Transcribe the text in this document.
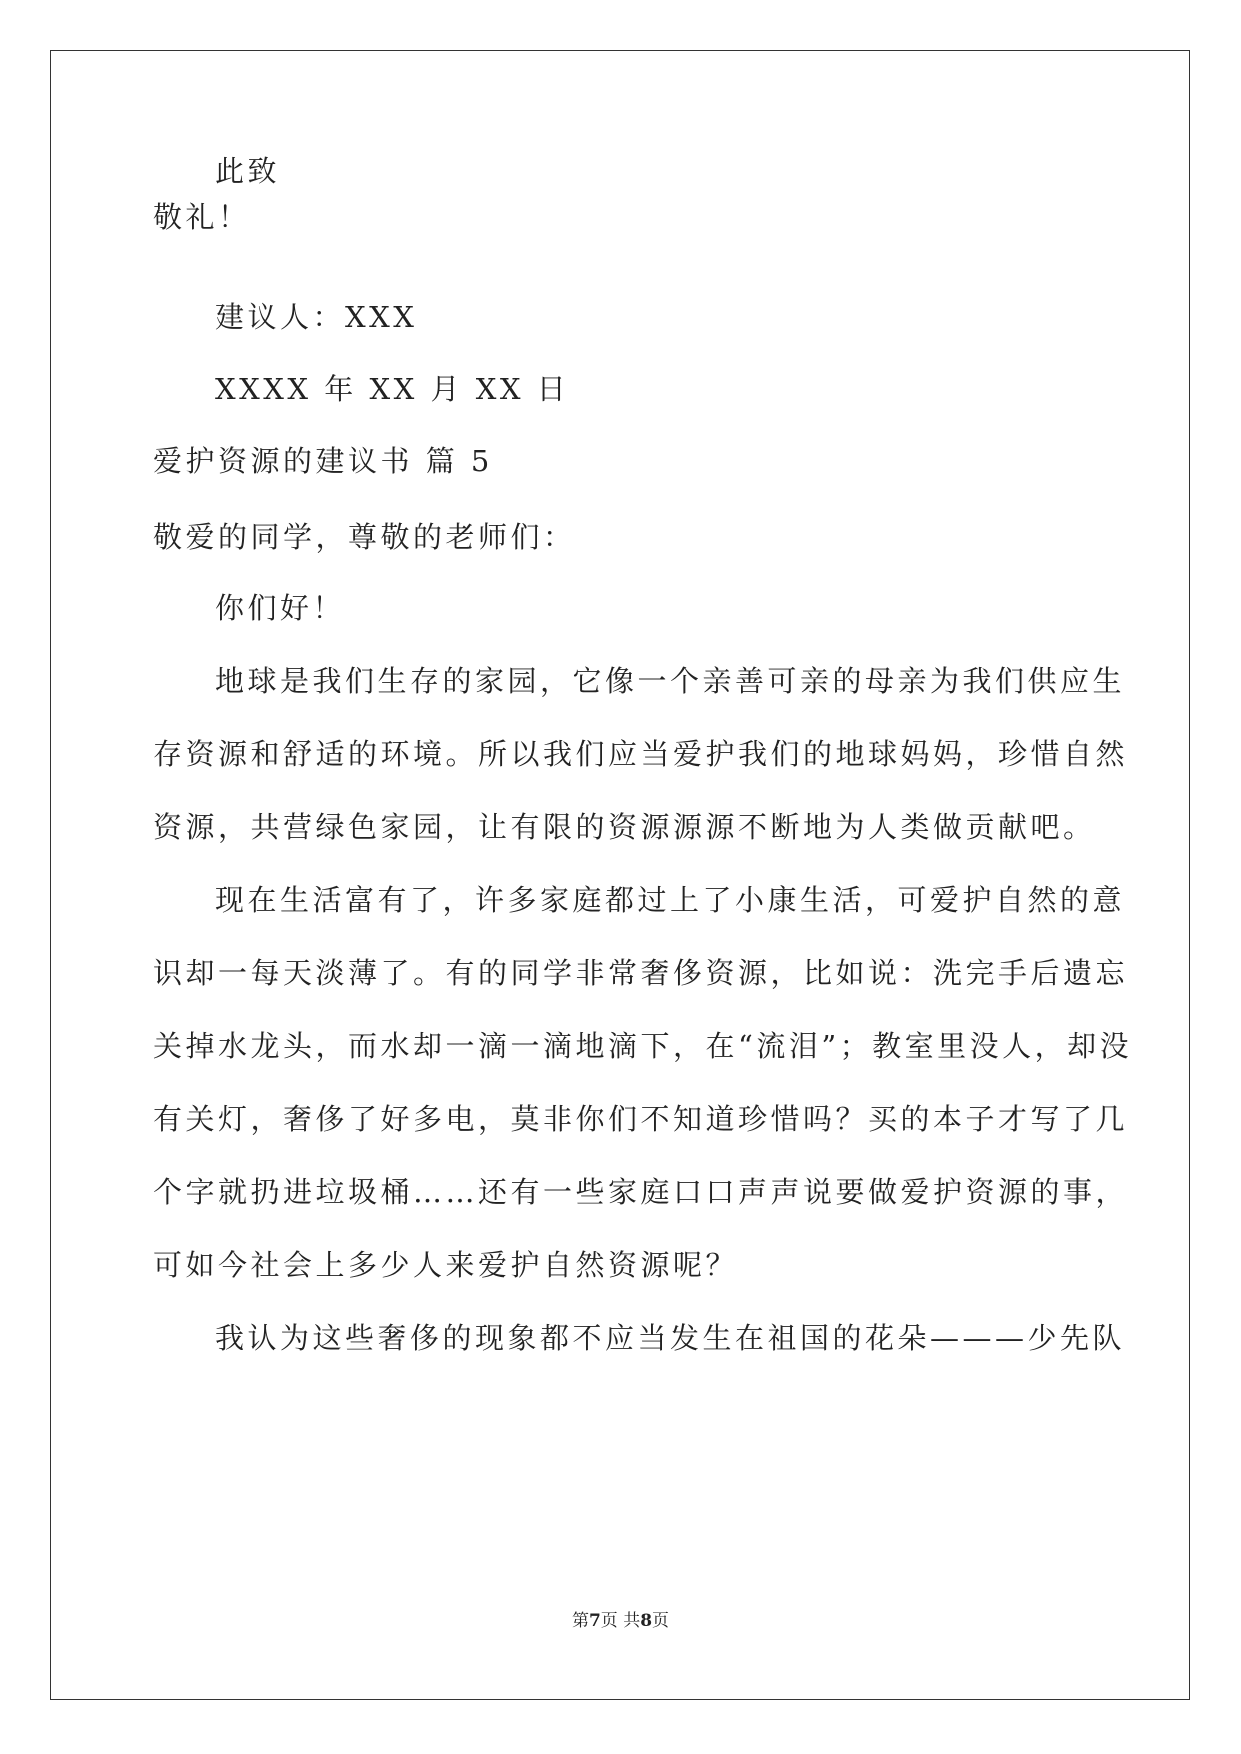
此致
敬礼！
建议人：XXX
XXXX 年 XX 月 XX 日
爱护资源的建议书 篇 5
敬爱的同学，尊敬的老师们：
你们好！
地球是我们生存的家园，它像一个亲善可亲的母亲为我们供应生
存资源和舒适的环境。所以我们应当爱护我们的地球妈妈，珍惜自然
资源，共营绿色家园，让有限的资源源源不断地为人类做贡献吧。
现在生活富有了，许多家庭都过上了小康生活，可爱护自然的意
识却一每天淡薄了。有的同学非常奢侈资源，比如说：洗完手后遗忘
关掉水龙头，而水却一滴一滴地滴下，在“流泪”；教室里没人，却没
有关灯，奢侈了好多电，莫非你们不知道珍惜吗？买的本子才写了几
个字就扔进垃圾桶……还有一些家庭口口声声说要做爱护资源的事，
可如今社会上多少人来爱护自然资源呢？
我认为这些奢侈的现象都不应当发生在祖国的花朵———少先队
第7页 共8页
